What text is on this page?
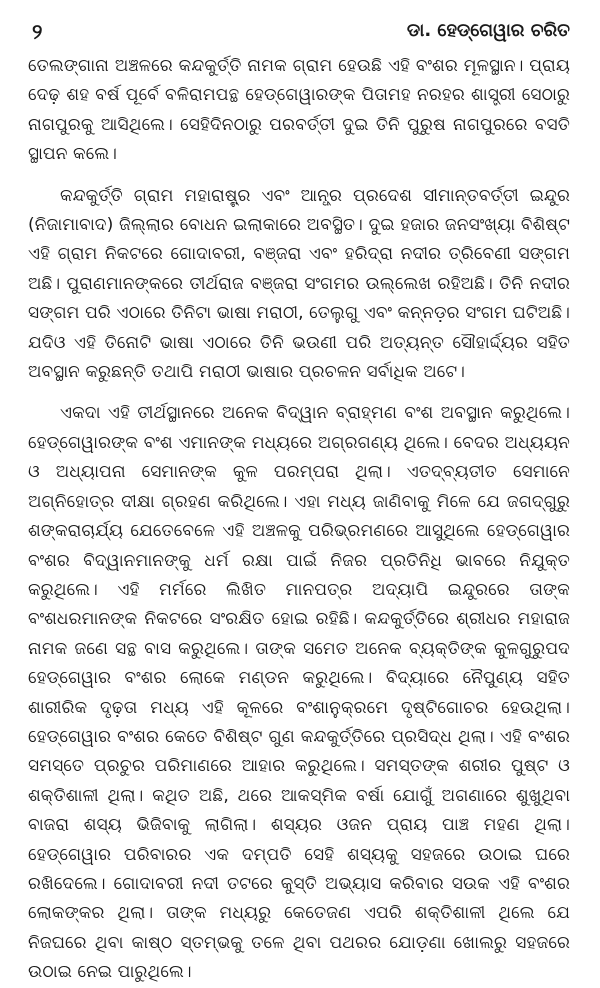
୨	ଡା. ହେଡ୍‌ଗେୱାର ଚରିତ

ତେଲଙ୍ଗାନା ଅଞ୍ଚଳରେ କନ୍ଦକୁର୍ତ୍ତି ନାମକ ଗ୍ରାମ ହେଉଛି ଏହି ବଂଶର ମୂଳସ୍ଥାନ। ପ୍ରାୟ ଦେଢ଼ ଶହ ବର୍ଷ ପୂର୍ବେ ବଳିରାମପନ୍ଥ ହେଡ୍‌ଗେୱାରଙ୍କ ପିତାମହ ନରହର ଶାସ୍ତ୍ରୀ ସେଠାରୁ ନାଗପୁରକୁ ଆସିଥିଲେ। ସେହିଦିନଠାରୁ ପରବର୍ତ୍ତୀ ଦୁଇ ତିନି ପୁରୁଷ ନାଗପୁରରେ ବସତି ସ୍ଥାପନ କଲେ।

କନ୍ଦକୁର୍ତ୍ତି ଗ୍ରାମ ମହାରାଷ୍ଟ୍ର ଏବଂ ଆନ୍ଧ୍ର ପ୍ରଦେଶ ସୀମାନ୍ତବର୍ତ୍ତୀ ଇନ୍ଦୁର (ନିଜାମାବାଦ) ଜିଲ୍ଲାର ବୋଧନ ଇଲାକାରେ ଅବସ୍ଥିତ। ଦୁଇ ହଜାର ଜନସଂଖ୍ୟା ବିଶିଷ୍ଟ ଏହି ଗ୍ରାମ ନିକଟରେ ଗୋଦାବରୀ, ବଞ୍ଜରା ଏବଂ ହରିଦ୍ରା ନଦୀର ତ୍ରିବେଣୀ ସଙ୍ଗମ ଅଛି। ପୁରାଣମାନଙ୍କରେ ତୀର୍ଥରାଜ ବଞ୍ଜରା ସଂଗମର ଉଲ୍ଲେଖ ରହିଅଛି। ତିନି ନଦୀର ସଙ୍ଗମ ପରି ଏଠାରେ ତିନିଟା ଭାଷା ମରାଠୀ, ତେଲୁଗୁ ଏବଂ କନ୍ନଡ଼ର ସଂଗମ ଘଟିଅଛି। ଯଦିଓ ଏହି ତିନୋଟି ଭାଷା ଏଠାରେ ତିନି ଭଉଣୀ ପରି ଅତ୍ୟନ୍ତ ସୌହାର୍ଦ୍ଦ୍ୟର ସହିତ ଅବସ୍ଥାନ କରୁଛନ୍ତି ତଥାପି ମରାଠୀ ଭାଷାର ପ୍ରଚଳନ ସର୍ବାଧିକ ଅଟେ।

ଏକଦା ଏହି ତୀର୍ଥସ୍ଥାନରେ ଅନେକ ବିଦ୍ୱାନ ବ୍ରାହ୍ମଣ ବଂଶ ଅବସ୍ଥାନ କରୁଥିଲେ। ହେଡ୍‌ଗେୱାରଙ୍କ ବଂଶ ଏମାନଙ୍କ ମଧ୍ୟରେ ଅଗ୍ରଗଣ୍ୟ ଥିଲେ। ବେଦର ଅଧ୍ୟୟନ ଓ ଅଧ୍ୟାପନା ସେମାନଙ୍କ କୁଳ ପରମ୍ପରା ଥିଲା। ଏତଦ୍‌ବ୍ୟତୀତ ସେମାନେ ଅଗ୍ନିହୋତ୍ର ଦୀକ୍ଷା ଗ୍ରହଣ କରିଥିଲେ। ଏହା ମଧ୍ୟ ଜାଣିବାକୁ ମିଳେ ଯେ ଜଗଦ୍‌ଗୁରୁ ଶଙ୍କରାଚାର୍ଯ୍ୟ ଯେତେବେଳେ ଏହି ଅଞ୍ଚଳକୁ ପରିଭ୍ରମଣରେ ଆସୁଥିଲେ ହେଡ୍‌ଗେୱାର ବଂଶର ବିଦ୍ୱାନମାନଙ୍କୁ ଧର୍ମ ରକ୍ଷା ପାଇଁ ନିଜର ପ୍ରତିନିଧି ଭାବରେ ନିଯୁକ୍ତ କରୁଥିଲେ। ଏହି ମର୍ମରେ ଲିଖିତ ମାନପତ୍ର ଅଦ୍ୟାପି ଇନ୍ଦୁରରେ ତାଙ୍କ ବଂଶଧରମାନଙ୍କ ନିକଟରେ ସଂରକ୍ଷିତ ହୋଇ ରହିଛି। କନ୍ଦକୁର୍ତ୍ତିରେ ଶ୍ରୀଧର ମହାରାଜ ନାମକ ଜଣେ ସନ୍ଥ ବାସ କରୁଥିଲେ। ତାଙ୍କ ସମେତ ଅନେକ ବ୍ୟକ୍ତିଙ୍କ କୁଳଗୁରୁପଦ ହେଡ୍‌ଗେୱାର ବଂଶର ଲୋକେ ମଣ୍ଡନ କରୁଥିଲେ। ବିଦ୍ୟାରେ ନୈପୁଣ୍ୟ ସହିତ ଶାରୀରିକ ଦୃଢ଼ତା ମଧ୍ୟ ଏହି କୂଳରେ ବଂଶାନୁକ୍ରମେ ଦୃଷ୍ଟିଗୋଚର ହେଉଥିଲା। ହେଡ୍‌ଗେୱାର ବଂଶର କେତେ ବିଶିଷ୍ଟ ଗୁଣ କନ୍ଦକୁର୍ତ୍ତିରେ ପ୍ରସିଦ୍ଧ ଥିଲା। ଏହି ବଂଶର ସମସ୍ତେ ପ୍ରଚୁର ପରିମାଣରେ ଆହାର କରୁଥିଲେ। ସମସ୍ତଙ୍କ ଶରୀର ପୁଷ୍ଟ ଓ ଶକ୍ତିଶାଳୀ ଥିଲା। କଥିତ ଅଛି, ଥରେ ଆକସ୍ମିକ ବର୍ଷା ଯୋଗୁଁ ଅଗଣାରେ ଶୁଖୁଥିବା ବାଜରା ଶସ୍ୟ ଭିଜିବାକୁ ଲାଗିଲା। ଶସ୍ୟର ଓଜନ ପ୍ରାୟ ପାଞ୍ଚ ମହଣ ଥିଲା। ହେଡ୍‌ଗେୱାର ପରିବାରର ଏକ ଦମ୍ପତି ସେହି ଶସ୍ୟକୁ ସହଜରେ ଉଠାଇ ଘରେ ରଖିଦେଲେ। ଗୋଦାବରୀ ନଦୀ ତଟରେ କୁସ୍ତି ଅଭ୍ୟାସ କରିବାର ସଉକ ଏହି ବଂଶର ଲୋକଙ୍କର ଥିଲା। ତାଙ୍କ ମଧ୍ୟରୁ କେତେଜଣ ଏପରି ଶକ୍ତିଶାଳୀ ଥିଲେ ଯେ ନିଜଘରେ ଥିବା କାଷ୍ଠ ସ୍ତମ୍ଭକୁ ତଳେ ଥିବା ପଥରର ଯୋଡ଼ଣା ଖୋଲରୁ ସହଜରେ ଉଠାଇ ନେଇ ପାରୁଥିଲେ।
